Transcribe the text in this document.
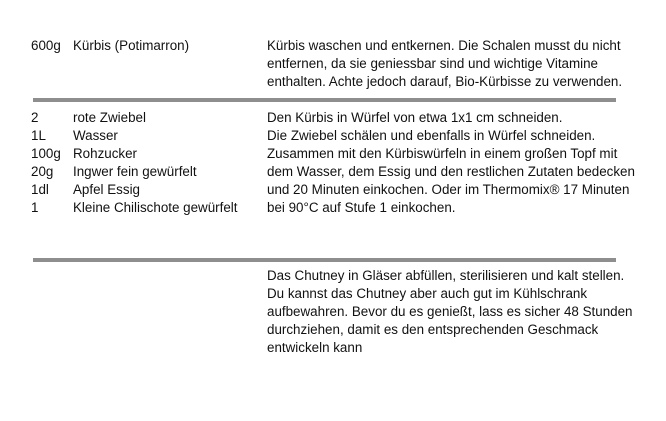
600g Kürbis (Potimarron)	Kürbis waschen und entkernen. Die Schalen musst du nicht entfernen, da sie geniessbar sind und wichtige Vitamine enthalten. Achte jedoch darauf, Bio-Kürbisse zu verwenden.

2	rote Zwiebel
1L	Wasser
100g Rohzucker
20g	Ingwer fein gewürfelt
1dl	Apfel Essig
1	Kleine Chilischote gewürfelt

Den Kürbis in Würfel von etwa 1x1 cm schneiden.

Die Zwiebel schälen und ebenfalls in Würfel schneiden.

Zusammen mit den Kürbiswürfeln in einem großen Topf mit dem Wasser, dem Essig und den restlichen Zutaten bedecken und 20 Minuten einkochen. Oder im Thermomix® 17 Minuten bei 90°C auf Stufe 1 einkochen.

Das Chutney in Gläser abfüllen, sterilisieren und kalt stellen. Du kannst das Chutney aber auch gut im Kühlschrank aufbewahren. Bevor du es genießt, lass es sicher 48 Stunden durchziehen, damit es den entsprechenden Geschmack entwickeln kann
